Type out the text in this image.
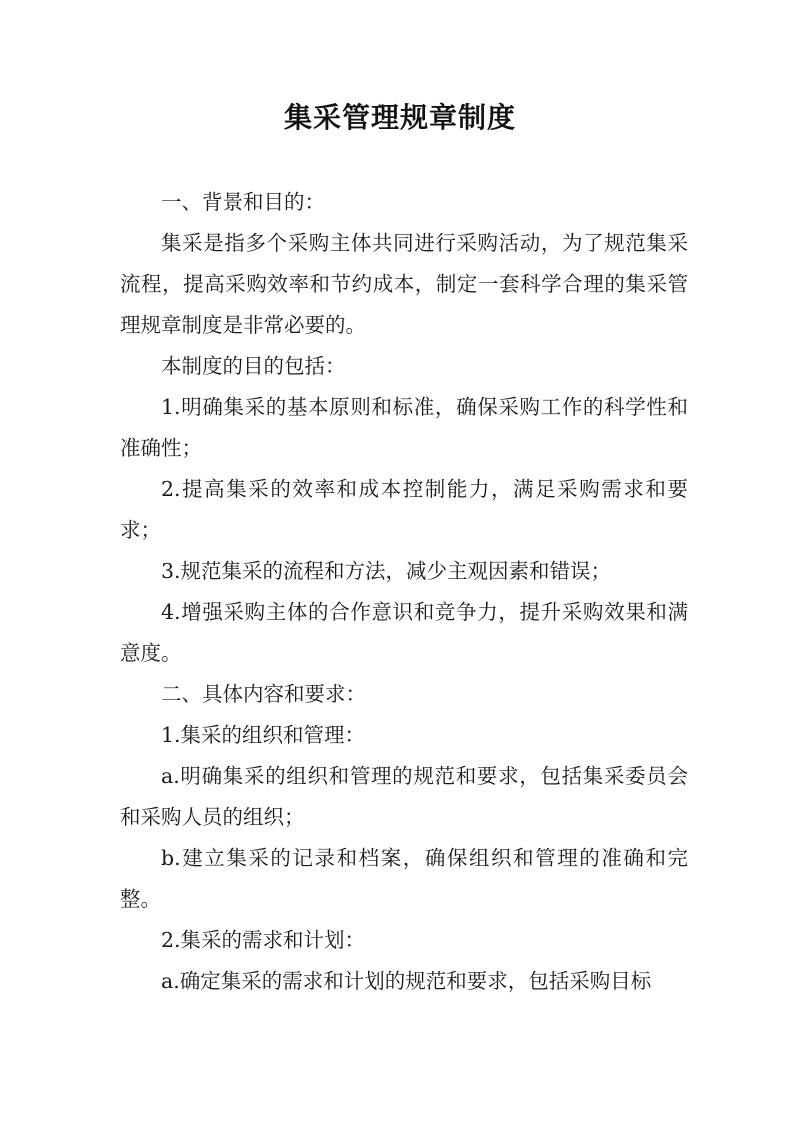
集采管理规章制度

一、背景和目的：

集采是指多个采购主体共同进行采购活动，为了规范集采流程，提高采购效率和节约成本，制定一套科学合理的集采管理规章制度是非常必要的。

本制度的目的包括：

1.明确集采的基本原则和标准，确保采购工作的科学性和准确性；

2.提高集采的效率和成本控制能力，满足采购需求和要求；

3.规范集采的流程和方法，减少主观因素和错误；

4.增强采购主体的合作意识和竞争力，提升采购效果和满意度。

二、具体内容和要求：

1.集采的组织和管理：

a.明确集采的组织和管理的规范和要求，包括集采委员会和采购人员的组织；

b.建立集采的记录和档案，确保组织和管理的准确和完整。

2.集采的需求和计划：

a.确定集采的需求和计划的规范和要求，包括采购目标
